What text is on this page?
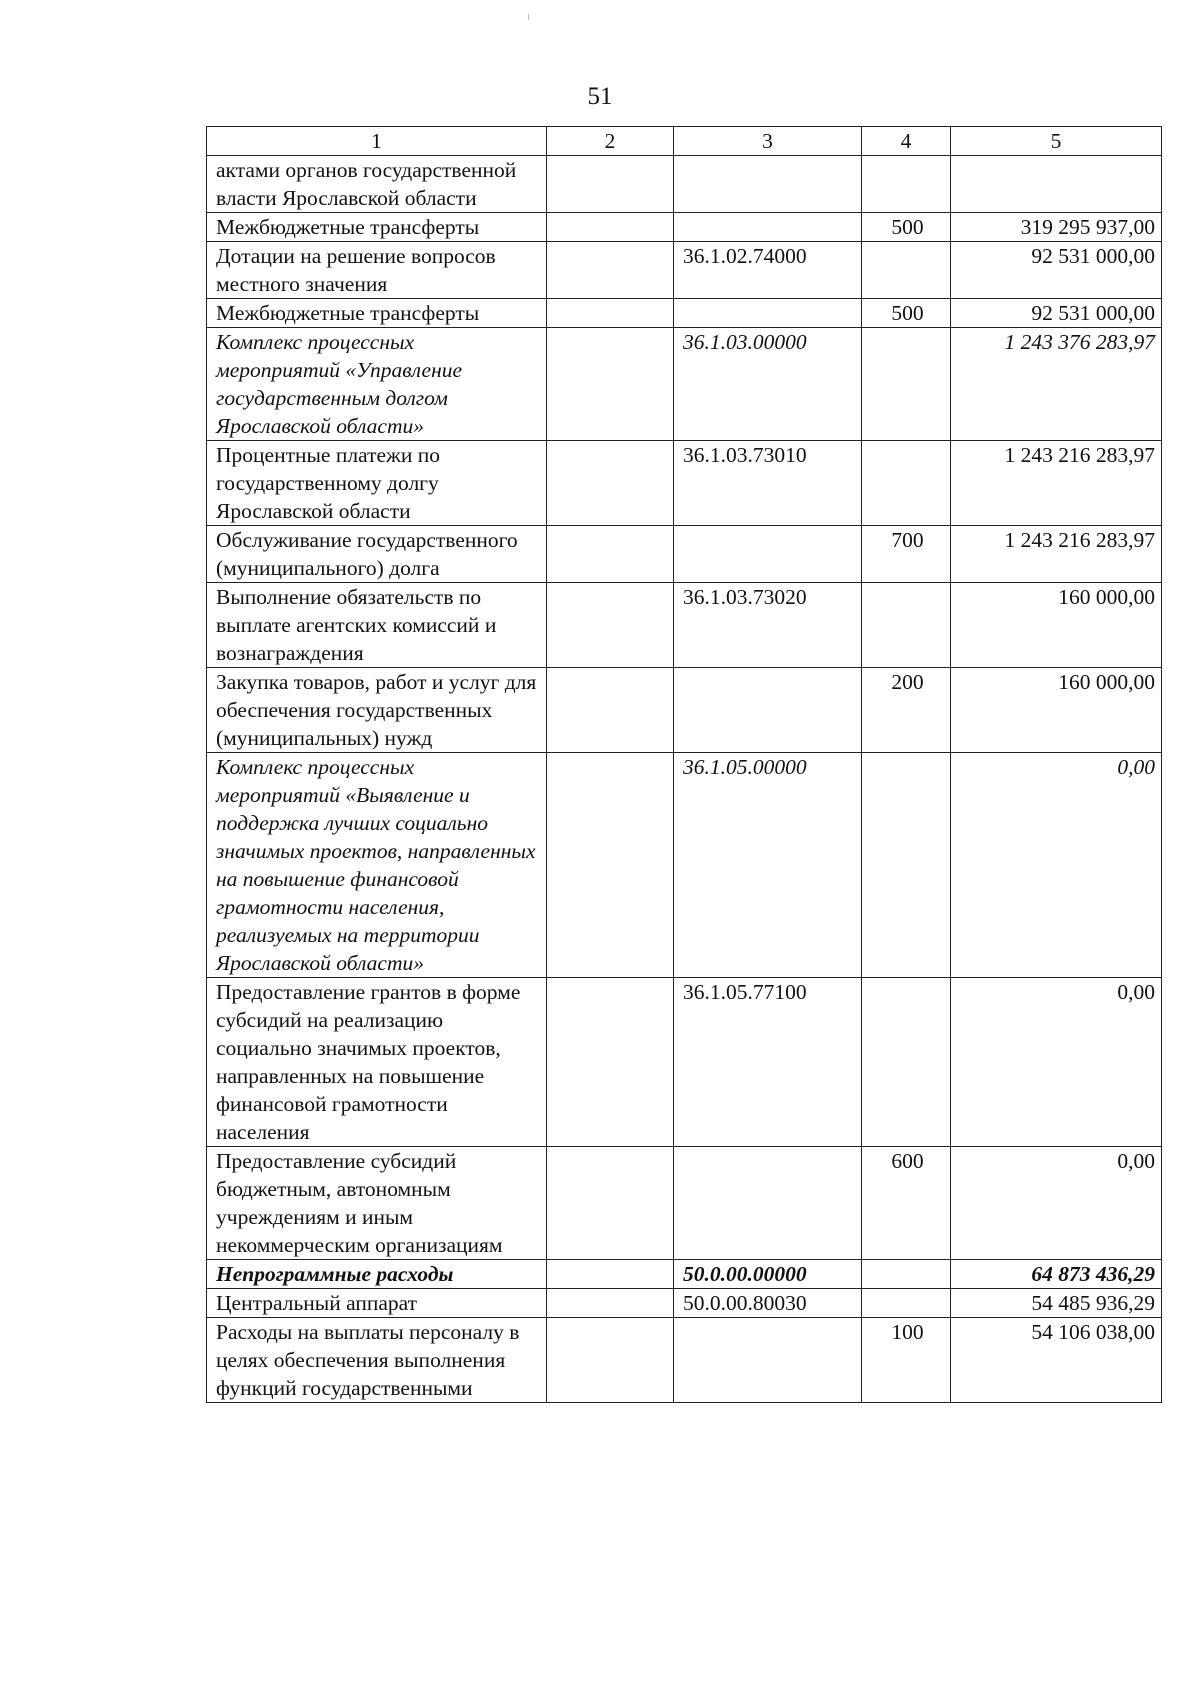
51
1	2	3	4	5
актами органов государственной власти Ярославской области				
Межбюджетные трансферты			500	319 295 937,00
Дотации на решение вопросов местного значения		36.1.02.74000		92 531 000,00
Межбюджетные трансферты			500	92 531 000,00
Комплекс процессных мероприятий «Управление государственным долгом Ярославской области»		36.1.03.00000		1 243 376 283,97
Процентные платежи по государственному долгу Ярославской области		36.1.03.73010		1 243 216 283,97
Обслуживание государственного (муниципального) долга			700	1 243 216 283,97
Выполнение обязательств по выплате агентских комиссий и вознаграждения		36.1.03.73020		160 000,00
Закупка товаров, работ и услуг для обеспечения государственных (муниципальных) нужд			200	160 000,00
Комплекс процессных мероприятий «Выявление и поддержка лучших социально значимых проектов, направленных на повышение финансовой грамотности населения, реализуемых на территории Ярославской области»		36.1.05.00000		0,00
Предоставление грантов в форме субсидий на реализацию социально значимых проектов, направленных на повышение финансовой грамотности населения		36.1.05.77100		0,00
Предоставление субсидий бюджетным, автономным учреждениям и иным некоммерческим организациям			600	0,00
Непрограммные расходы		50.0.00.00000		64 873 436,29
Центральный аппарат		50.0.00.80030		54 485 936,29
Расходы на выплаты персоналу в целях обеспечения выполнения функций государственными			100	54 106 038,00
